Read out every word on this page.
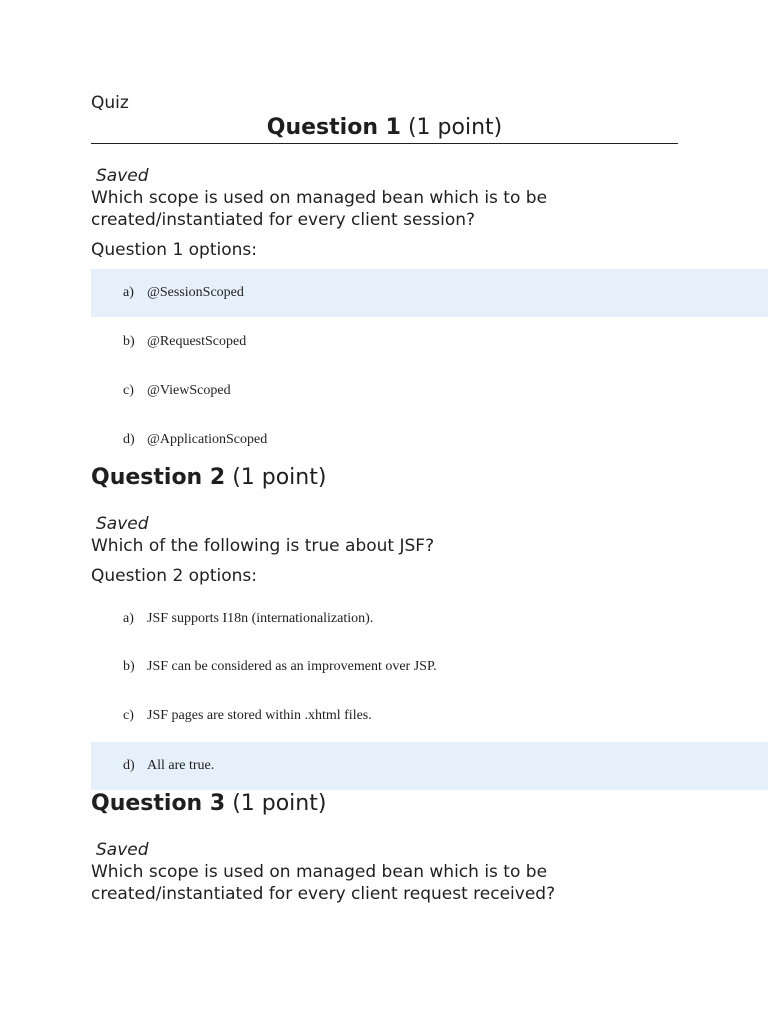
Quiz
Question 1 (1 point)
Saved
Which scope is used on managed bean which is to be
created/instantiated for every client session?
Question 1 options:
a) @SessionScoped
b) @RequestScoped
c) @ViewScoped
d) @ApplicationScoped
Question 2 (1 point)
Saved
Which of the following is true about JSF?
Question 2 options:
a) JSF supports I18n (internationalization).
b) JSF can be considered as an improvement over JSP.
c) JSF pages are stored within .xhtml files.
d) All are true.
Question 3 (1 point)
Saved
Which scope is used on managed bean which is to be
created/instantiated for every client request received?
